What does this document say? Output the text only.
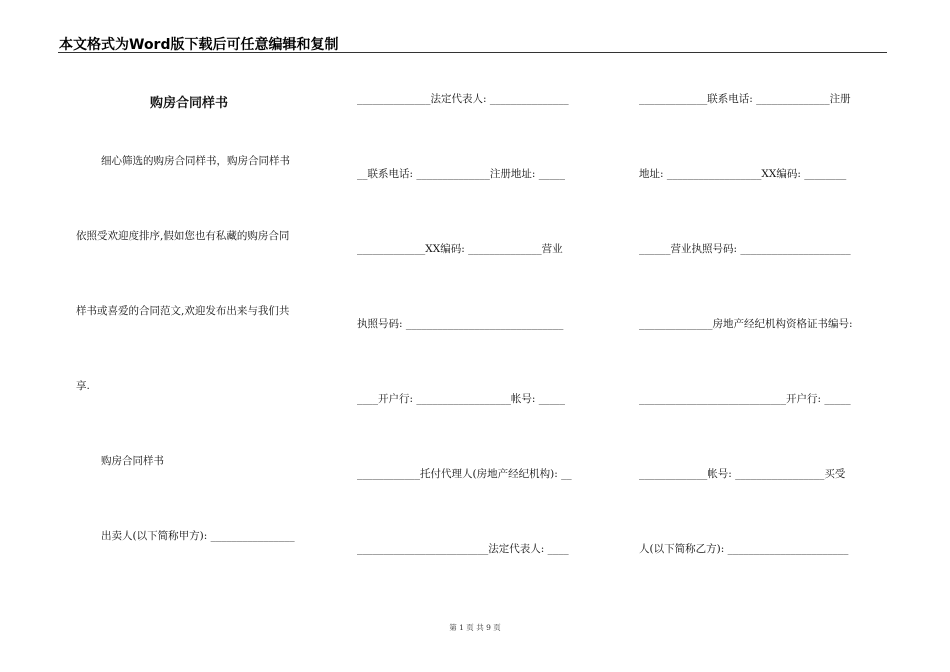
本文格式为Word版下载后可任意编辑和复制
购房合同样书
细心筛选的购房合同样书，购房合同样书
依照受欢迎度排序,假如您也有私藏的购房合同
样书或喜爱的合同范文,欢迎发布出来与我们共
享.
购房合同样书
出卖人(以下简称甲方): ________________
______________法定代表人: _______________
__联系电话: ______________注册地址: _____
_____________XX编码: ______________营业
执照号码: ______________________________
____开户行: __________________帐号: _____
____________托付代理人(房地产经纪机构): __
_________________________法定代表人: ____
_____________联系电话: ______________注册
地址: __________________XX编码: ________
______营业执照号码: _____________________
______________房地产经纪机构资格证书编号:
____________________________开户行: _____
_____________帐号: _________________买受
人(以下简称乙方): _______________________
第 1 页 共 9 页
